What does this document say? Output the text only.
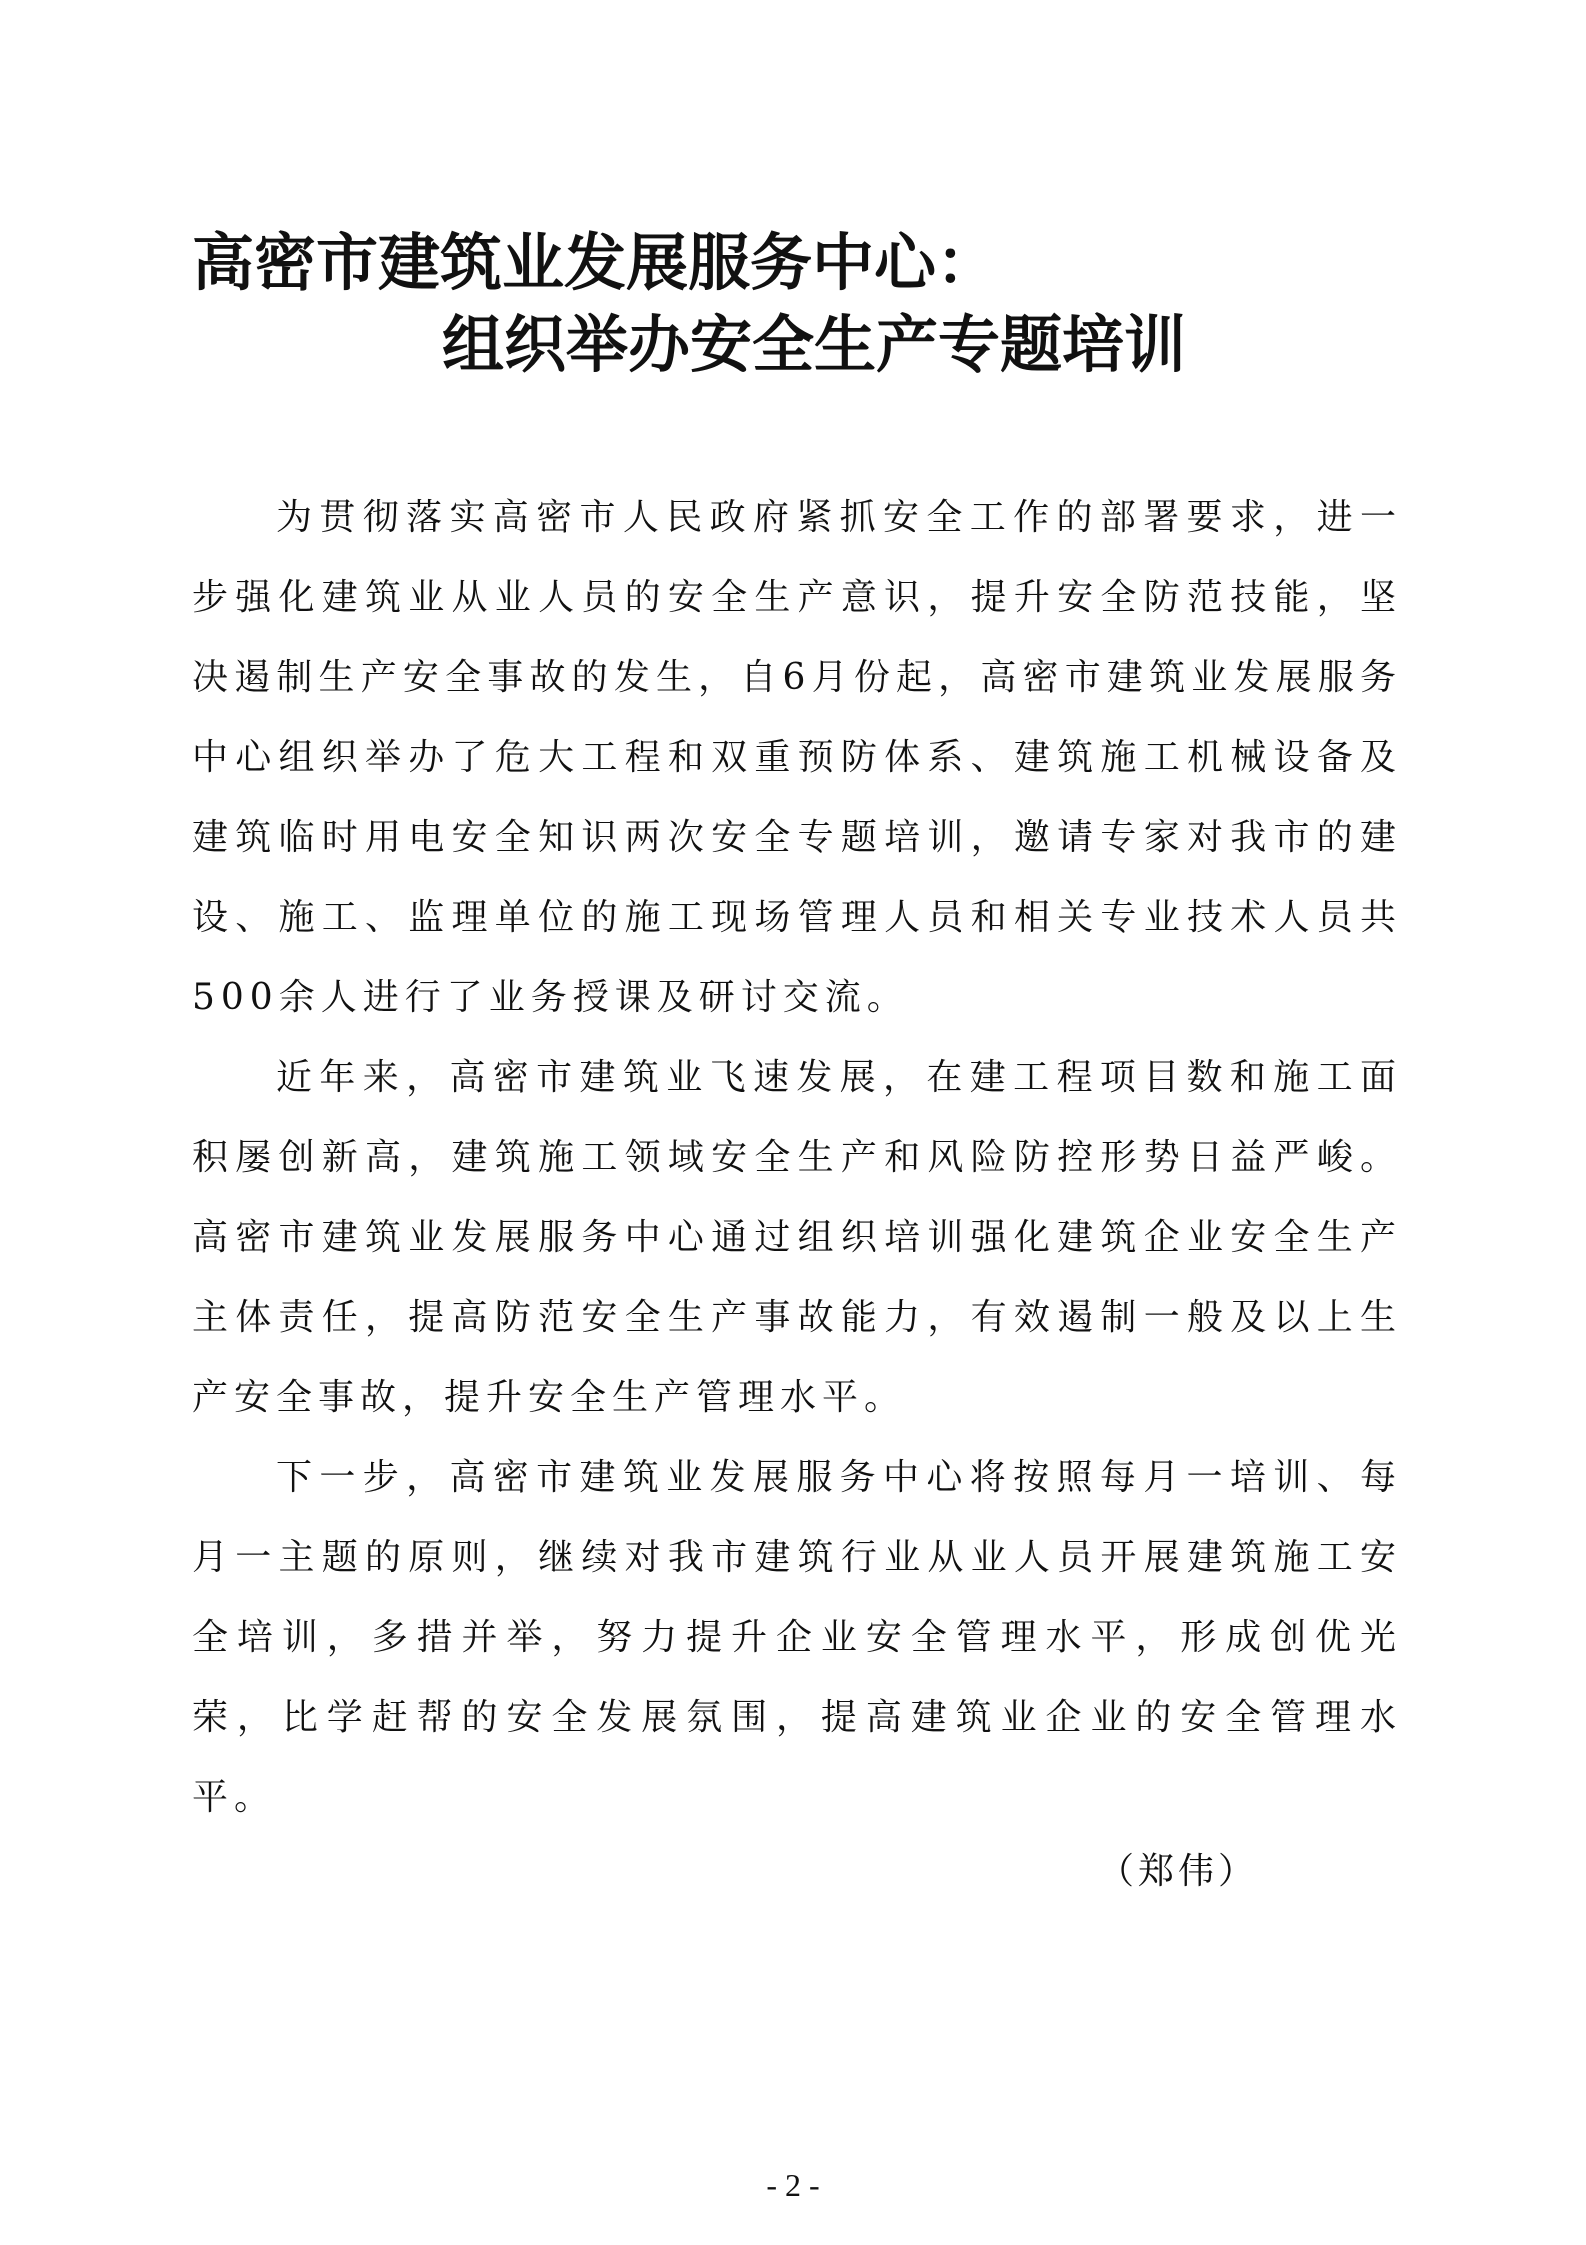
高密市建筑业发展服务中心：
组织举办安全生产专题培训

为贯彻落实高密市人民政府紧抓安全工作的部署要求，进一步强化建筑业从业人员的安全生产意识，提升安全防范技能，坚决遏制生产安全事故的发生，自6月份起，高密市建筑业发展服务中心组织举办了危大工程和双重预防体系、建筑施工机械设备及建筑临时用电安全知识两次安全专题培训，邀请专家对我市的建设、施工、监理单位的施工现场管理人员和相关专业技术人员共500余人进行了业务授课及研讨交流。

近年来，高密市建筑业飞速发展，在建工程项目数和施工面积屡创新高，建筑施工领域安全生产和风险防控形势日益严峻。高密市建筑业发展服务中心通过组织培训强化建筑企业安全生产主体责任，提高防范安全生产事故能力，有效遏制一般及以上生产安全事故，提升安全生产管理水平。

下一步，高密市建筑业发展服务中心将按照每月一培训、每月一主题的原则，继续对我市建筑行业从业人员开展建筑施工安全培训，多措并举，努力提升企业安全管理水平，形成创优光荣，比学赶帮的安全发展氛围，提高建筑业企业的安全管理水平。

（郑伟）
- 2 -
